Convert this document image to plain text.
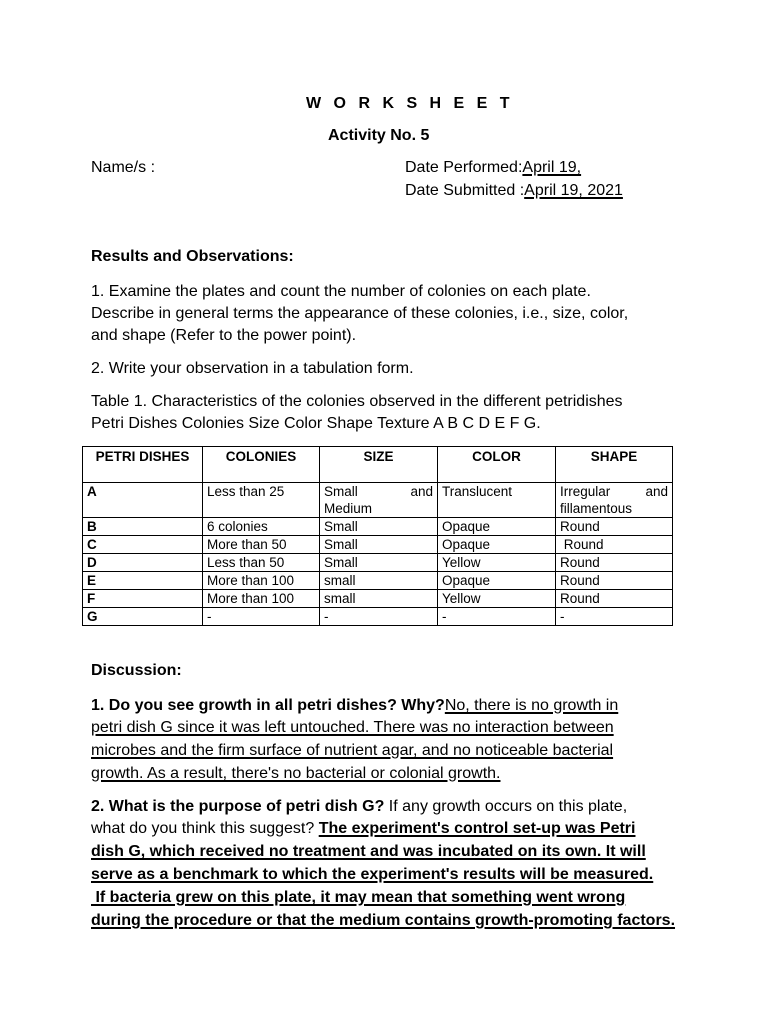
W O R K S H E E T
Activity No. 5
Name/s :	Date Performed:April 19,
Date Submitted :April 19, 2021
Results and Observations:
1. Examine the plates and count the number of colonies on each plate.
Describe in general terms the appearance of these colonies, i.e., size, color,
and shape (Refer to the power point).
2. Write your observation in a tabulation form.
Table 1. Characteristics of the colonies observed in the different petridishes
Petri Dishes Colonies Size Color Shape Texture A B C D E F G.
PETRI DISHES	COLONIES	SIZE	COLOR	SHAPE
A	Less than 25	Small and Medium	Translucent	Irregular and fillamentous
B	6 colonies	Small	Opaque	Round
C	More than 50	Small	Opaque	Round
D	Less than 50	Small	Yellow	Round
E	More than 100	small	Opaque	Round
F	More than 100	small	Yellow	Round
G	-	-	-	-
Discussion:
1. Do you see growth in all petri dishes? Why?No, there is no growth in
petri dish G since it was left untouched. There was no interaction between
microbes and the firm surface of nutrient agar, and no noticeable bacterial
growth. As a result, there's no bacterial or colonial growth.
2. What is the purpose of petri dish G? If any growth occurs on this plate,
what do you think this suggest? The experiment's control set-up was Petri
dish G, which received no treatment and was incubated on its own. It will
serve as a benchmark to which the experiment's results will be measured.
If bacteria grew on this plate, it may mean that something went wrong
during the procedure or that the medium contains growth-promoting factors.
